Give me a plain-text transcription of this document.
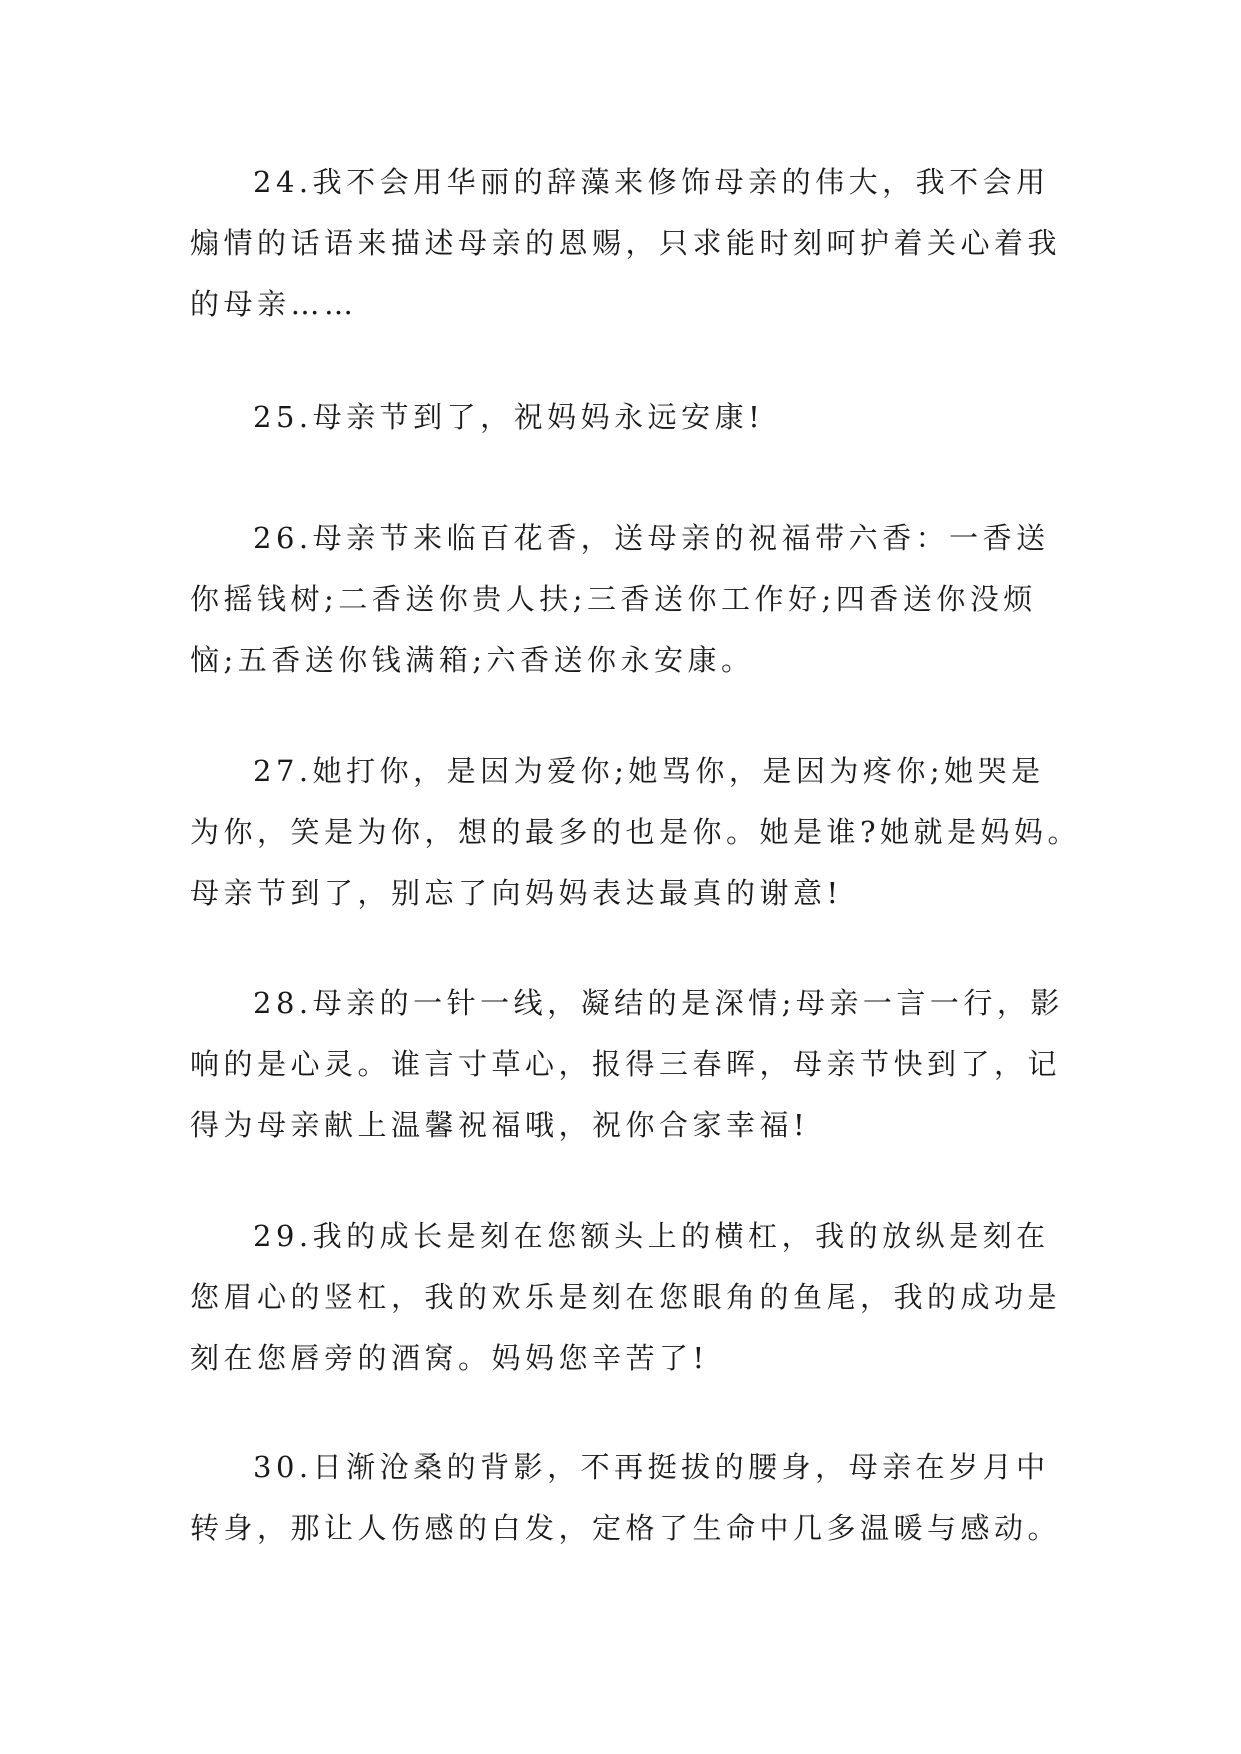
24.我不会用华丽的辞藻来修饰母亲的伟大，我不会用
煽情的话语来描述母亲的恩赐，只求能时刻呵护着关心着我
的母亲……

25.母亲节到了，祝妈妈永远安康!

26.母亲节来临百花香，送母亲的祝福带六香：一香送
你摇钱树;二香送你贵人扶;三香送你工作好;四香送你没烦
恼;五香送你钱满箱;六香送你永安康。

27.她打你，是因为爱你;她骂你，是因为疼你;她哭是
为你，笑是为你，想的最多的也是你。她是谁?她就是妈妈。
母亲节到了，别忘了向妈妈表达最真的谢意!

28.母亲的一针一线，凝结的是深情;母亲一言一行，影
响的是心灵。谁言寸草心，报得三春晖，母亲节快到了，记
得为母亲献上温馨祝福哦，祝你合家幸福!

29.我的成长是刻在您额头上的横杠，我的放纵是刻在
您眉心的竖杠，我的欢乐是刻在您眼角的鱼尾，我的成功是
刻在您唇旁的酒窝。妈妈您辛苦了!

30.日渐沧桑的背影，不再挺拔的腰身，母亲在岁月中
转身，那让人伤感的白发，定格了生命中几多温暖与感动。
